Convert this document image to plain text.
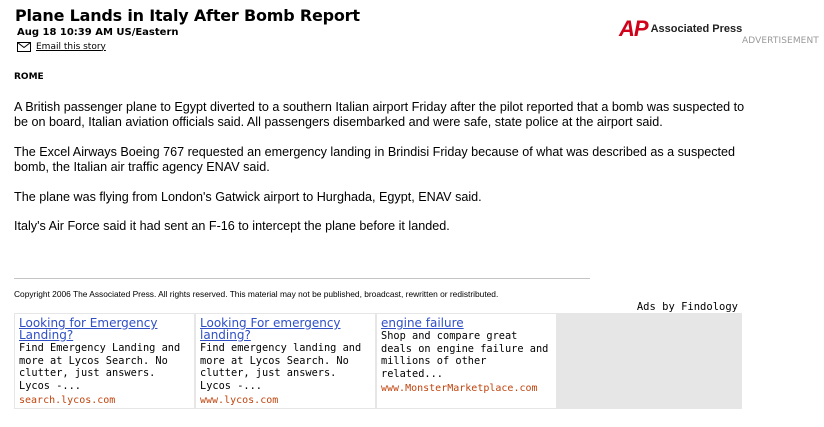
Plane Lands in Italy After Bomb Report
Aug 18 10:39 AM US/Eastern
Email this story
AP Associated Press
ADVERTISEMENT
ROME

A British passenger plane to Egypt diverted to a southern Italian airport Friday after the pilot reported that a bomb was suspected to be on board, Italian aviation officials said. All passengers disembarked and were safe, state police at the airport said.

The Excel Airways Boeing 767 requested an emergency landing in Brindisi Friday because of what was described as a suspected bomb, the Italian air traffic agency ENAV said.

The plane was flying from London's Gatwick airport to Hurghada, Egypt, ENAV said.

Italy's Air Force said it had sent an F-16 to intercept the plane before it landed.

Copyright 2006 The Associated Press. All rights reserved. This material may not be published, broadcast, rewritten or redistributed.
Ads by Findology
Looking for Emergency Landing?
Find Emergency Landing and more at Lycos Search. No clutter, just answers. Lycos -...
search.lycos.com
Looking For emergency landing?
Find emergency landing and more at Lycos Search. No clutter, just answers. Lycos -...
www.lycos.com
engine failure
Shop and compare great deals on engine failure and millions of other related...
www.MonsterMarketplace.com
